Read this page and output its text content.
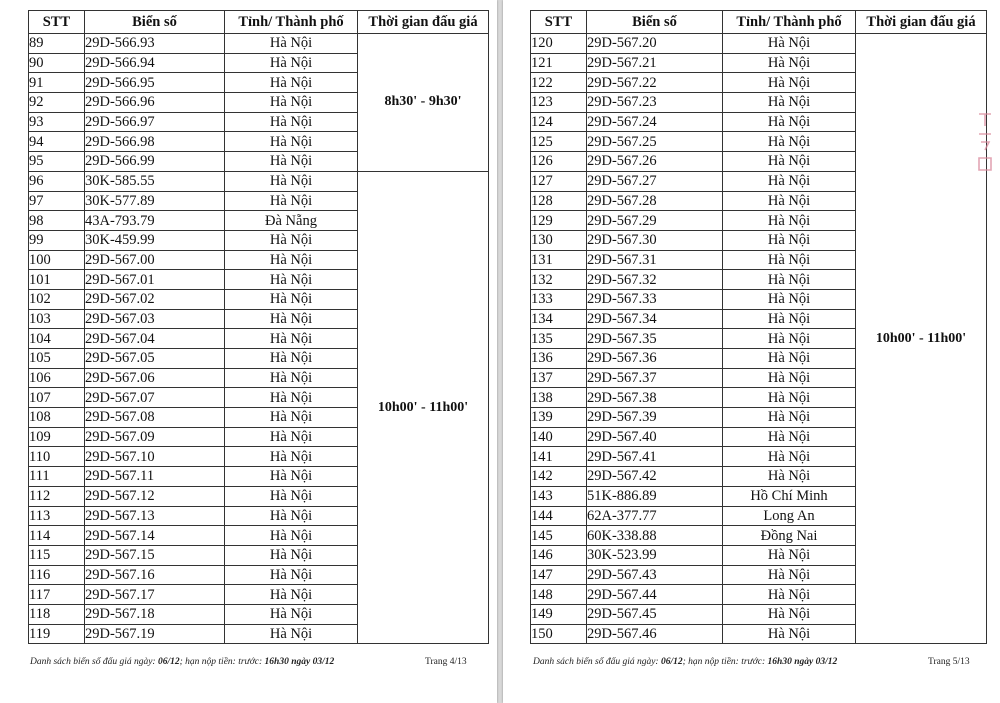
STT	Biển số	Tỉnh/ Thành phố	Thời gian đấu giá
89	29D-566.93	Hà Nội	8h30' - 9h30'
90	29D-566.94	Hà Nội	
91	29D-566.95	Hà Nội	
92	29D-566.96	Hà Nội	
93	29D-566.97	Hà Nội	
94	29D-566.98	Hà Nội	
95	29D-566.99	Hà Nội	
96	30K-585.55	Hà Nội	10h00' - 11h00'
97	30K-577.89	Hà Nội	
98	43A-793.79	Đà Nẵng	
99	30K-459.99	Hà Nội	
100	29D-567.00	Hà Nội	
101	29D-567.01	Hà Nội	
102	29D-567.02	Hà Nội	
103	29D-567.03	Hà Nội	
104	29D-567.04	Hà Nội	
105	29D-567.05	Hà Nội	
106	29D-567.06	Hà Nội	
107	29D-567.07	Hà Nội	
108	29D-567.08	Hà Nội	
109	29D-567.09	Hà Nội	
110	29D-567.10	Hà Nội	
111	29D-567.11	Hà Nội	
112	29D-567.12	Hà Nội	
113	29D-567.13	Hà Nội	
114	29D-567.14	Hà Nội	
115	29D-567.15	Hà Nội	
116	29D-567.16	Hà Nội	
117	29D-567.17	Hà Nội	
118	29D-567.18	Hà Nội	
119	29D-567.19	Hà Nội	
Danh sách biển số đấu giá ngày: 06/12; hạn nộp tiền: trước: 16h30 ngày 03/12	Trang 4/13
STT	Biển số	Tỉnh/ Thành phố	Thời gian đấu giá
120	29D-567.20	Hà Nội	10h00' - 11h00'
121	29D-567.21	Hà Nội	
122	29D-567.22	Hà Nội	
123	29D-567.23	Hà Nội	
124	29D-567.24	Hà Nội	
125	29D-567.25	Hà Nội	
126	29D-567.26	Hà Nội	
127	29D-567.27	Hà Nội	
128	29D-567.28	Hà Nội	
129	29D-567.29	Hà Nội	
130	29D-567.30	Hà Nội	
131	29D-567.31	Hà Nội	
132	29D-567.32	Hà Nội	
133	29D-567.33	Hà Nội	
134	29D-567.34	Hà Nội	
135	29D-567.35	Hà Nội	
136	29D-567.36	Hà Nội	
137	29D-567.37	Hà Nội	
138	29D-567.38	Hà Nội	
139	29D-567.39	Hà Nội	
140	29D-567.40	Hà Nội	
141	29D-567.41	Hà Nội	
142	29D-567.42	Hà Nội	
143	51K-886.89	Hồ Chí Minh	
144	62A-377.77	Long An	
145	60K-338.88	Đồng Nai	
146	30K-523.99	Hà Nội	
147	29D-567.43	Hà Nội	
148	29D-567.44	Hà Nội	
149	29D-567.45	Hà Nội	
150	29D-567.46	Hà Nội	
Danh sách biển số đấu giá ngày: 06/12; hạn nộp tiền: trước: 16h30 ngày 03/12	Trang 5/13
